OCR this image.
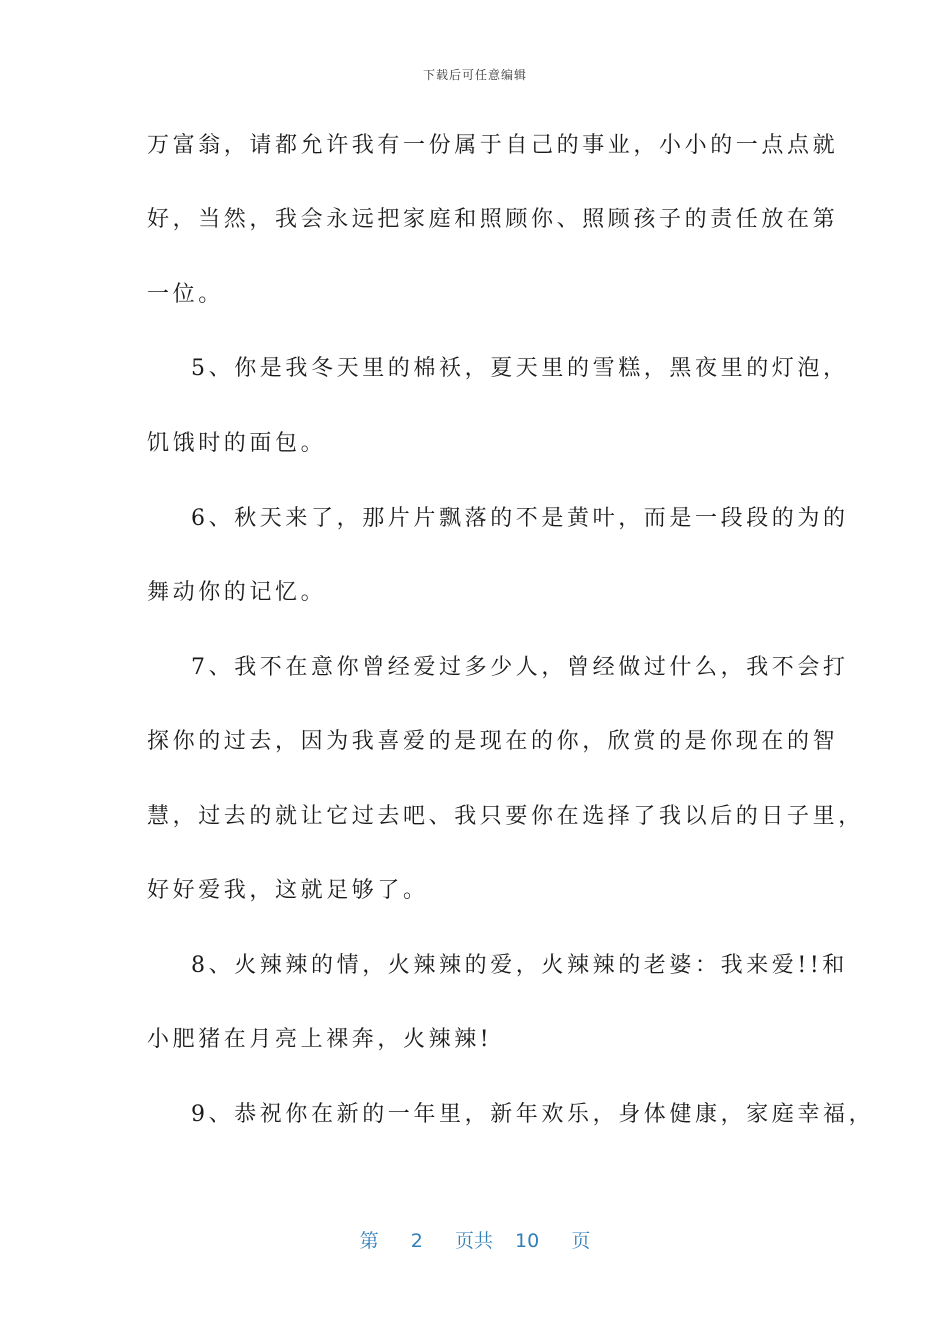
下载后可任意编辑
万富翁，请都允许我有一份属于自己的事业，小小的一点点就
好，当然，我会永远把家庭和照顾你、照顾孩子的责任放在第
一位。
5、你是我冬天里的棉袄，夏天里的雪糕，黑夜里的灯泡，
饥饿时的面包。
6、秋天来了，那片片飘落的不是黄叶，而是一段段的为的
舞动你的记忆。
7、我不在意你曾经爱过多少人，曾经做过什么，我不会打
探你的过去，因为我喜爱的是现在的你，欣赏的是你现在的智
慧，过去的就让它过去吧、我只要你在选择了我以后的日子里，
好好爱我，这就足够了。
8、火辣辣的情，火辣辣的爱，火辣辣的老婆：我来爱!!和
小肥猪在月亮上裸奔，火辣辣!
9、恭祝你在新的一年里，新年欢乐，身体健康，家庭幸福，
第 2 页共 10 页
